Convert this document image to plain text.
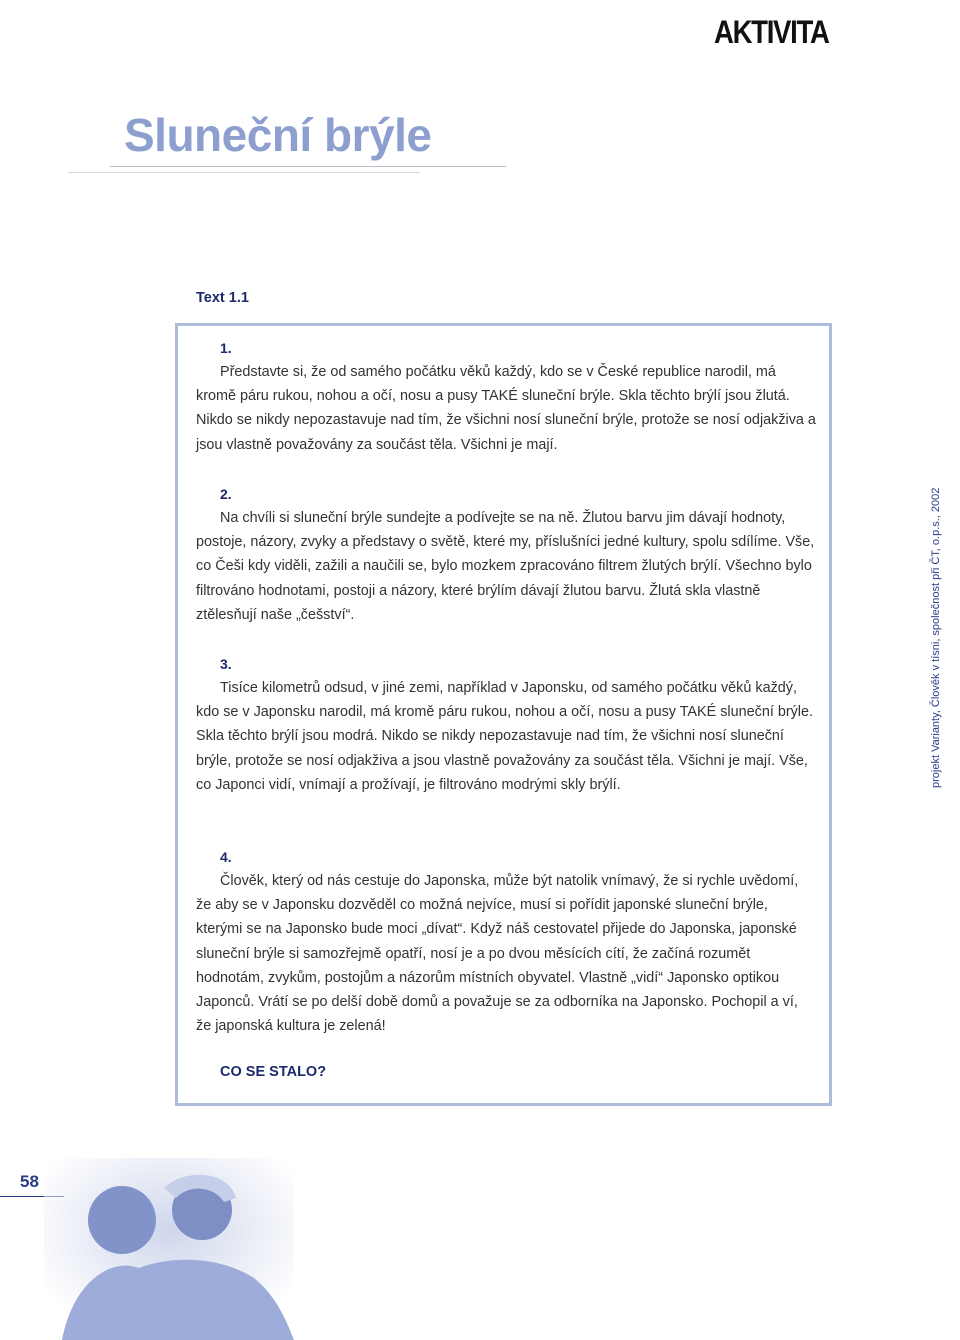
AKTIVITA
Sluneční brýle
Text 1.1
1.

Představte si, že od samého počátku věků každý, kdo se v České republice narodil, má kromě páru rukou, nohou a očí, nosu a pusy TAKÉ sluneční brýle. Skla těchto brýlí jsou žlutá. Nikdo se nikdy nepozastavuje nad tím, že všichni nosí sluneční brýle, protože se nosí odjakživa a jsou vlastně považovány za součást těla. Všichni je mají.

2.

Na chvíli si sluneční brýle sundejte a podívejte se na ně. Žlutou barvu jim dávají hodnoty, postoje, názory, zvyky a představy o světě, které my, příslušníci jedné kultury, spolu sdílíme. Vše, co Češi kdy viděli, zažili a naučili se, bylo mozkem zpracováno filtrem žlutých brýlí. Všechno bylo filtrováno hodnotami, postoji a názory, které brýlím dávají žlutou barvu. Žlutá skla vlastně ztělesňují naše „češství“.

3.

Tisíce kilometrů odsud, v jiné zemi, například v Japonsku, od samého počátku věků každý, kdo se v Japonsku narodil, má kromě páru rukou, nohou a očí, nosu a pusy TAKÉ sluneční brýle. Skla těchto brýlí jsou modrá. Nikdo se nikdy nepozastavuje nad tím, že všichni nosí sluneční brýle, protože se nosí odjakživa a jsou vlastně považovány za součást těla. Všichni je mají. Vše, co Japonci vidí, vnímají a prožívají, je filtrováno modrými skly brýlí.

4.

Člověk, který od nás cestuje do Japonska, může být natolik vnímavý, že si rychle uvědomí, že aby se v Japonsku dozvěděl co možná nejvíce, musí si pořídit japonské sluneční brýle, kterými se na Japonsko bude moci „dívat“. Když náš cestovatel přijede do Japonska, japonské sluneční brýle si samozřejmě opatří, nosí je a po dvou měsících cítí, že začíná rozumět hodnotám, zvykům, postojům a názorům místních obyvatel. Vlastně „vidí“ Japonsko optikou Japonců. Vrátí se po delší době domů a považuje se za odborníka na Japonsko. Pochopil a ví, že japonská kultura je zelená!

CO SE STALO?
projekt Varianty, Člověk v tísni, společnost při ČT, o.p.s., 2002
58
